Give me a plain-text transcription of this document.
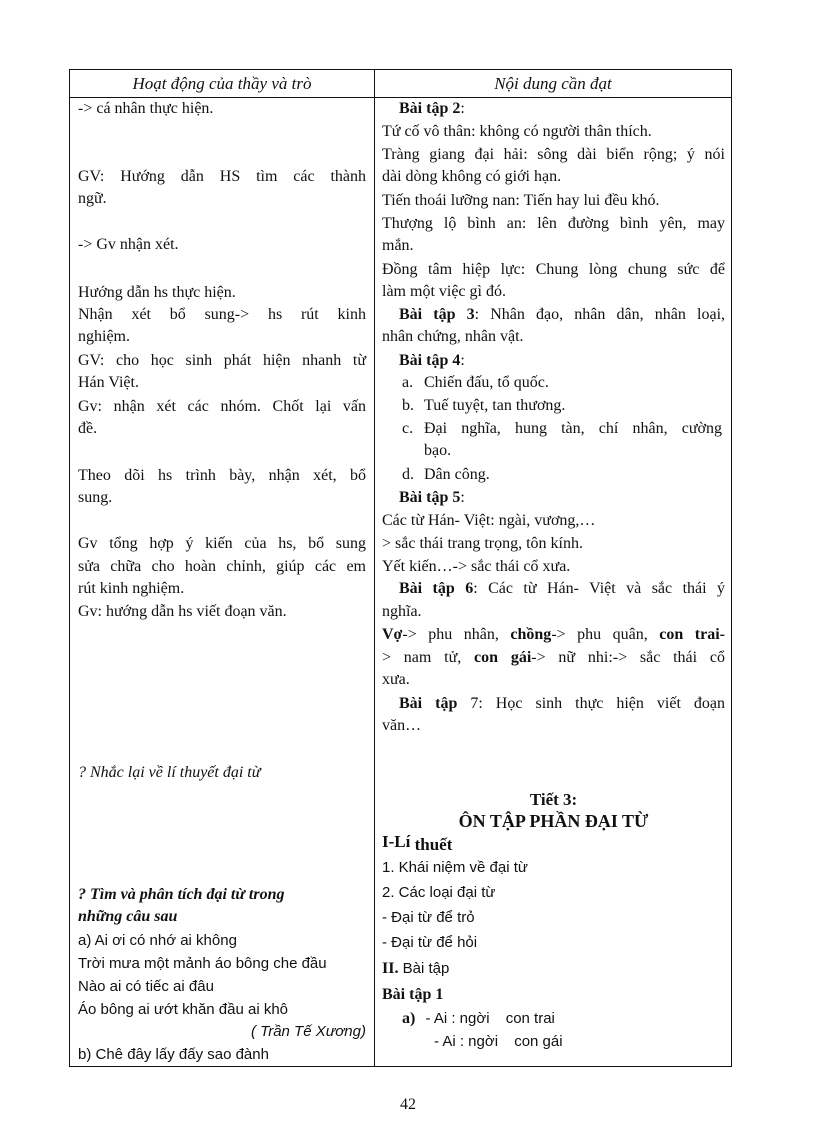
Hoạt động của thầy và trò	Nội dung cần đạt
-> cá nhân thực hiện.
GV: Hướng dẫn HS tìm các thành
ngữ.
-> Gv nhận xét.
Hướng dẫn hs thực hiện.
Nhận xét bổ sung-> hs rút kinh
nghiệm.
GV: cho học sinh phát hiện nhanh từ
Hán Việt.
Gv: nhận xét các nhóm. Chốt lại vấn
đề.
Theo dõi hs trình bày, nhận xét, bổ
sung.
Gv tổng hợp ý kiến của hs, bổ sung
sửa chữa cho hoàn chỉnh, giúp các em
rút kinh nghiệm.
Gv: hướng dẫn hs viết đoạn văn.
? Nhắc lại về lí thuyết đại từ
? Tìm và phân tích đại từ trong
những câu sau
a) Ai ơi có nhớ ai không
Trời mưa một mảnh áo bông che đầu
Nào ai có tiếc ai đâu
Áo bông ai ướt khăn đầu ai khô
( Trần Tế Xương)
b) Chê đây lấy đấy sao đành
Bài tập 2:
Tứ cố vô thân: không có người thân thích.
Tràng giang đại hải: sông dài biển rộng; ý nói
dài dòng không có giới hạn.
Tiến thoái lưỡng nan: Tiến hay lui đều khó.
Thượng lộ bình an: lên đường bình yên, may
mắn.
Đồng tâm hiệp lực: Chung lòng chung sức để
làm một việc gì đó.
Bài tập 3: Nhân đạo, nhân dân, nhân loại,
nhân chứng, nhân vật.
Bài tập 4:
a. Chiến đấu, tổ quốc.
b. Tuế tuyệt, tan thương.
c. Đại nghĩa, hung tàn, chí nhân, cường
bạo.
d. Dân công.
Bài tập 5:
Các từ Hán- Việt: ngài, vương,…
> sắc thái trang trọng, tôn kính.
Yết kiến…-> sắc thái cổ xưa.
Bài tập 6: Các từ Hán- Việt và sắc thái ý
nghĩa.
Vợ-> phu nhân, chồng-> phu quân, con trai-
> nam tử, con gái-> nữ nhi:-> sắc thái cổ
xưa.
Bài tập 7: Học sinh thực hiện viết đoạn
văn…
Tiết 3:
ÔN TẬP PHẦN ĐẠI TỪ
I-Lí thuết
1. Khái niệm về đại từ
2. Các loại đại từ
- Đại từ để trỏ
- Đại từ để hỏi
II. Bài tập
Bài tập 1
a) - Ai : ngời con trai
- Ai : ngời con gái
42
